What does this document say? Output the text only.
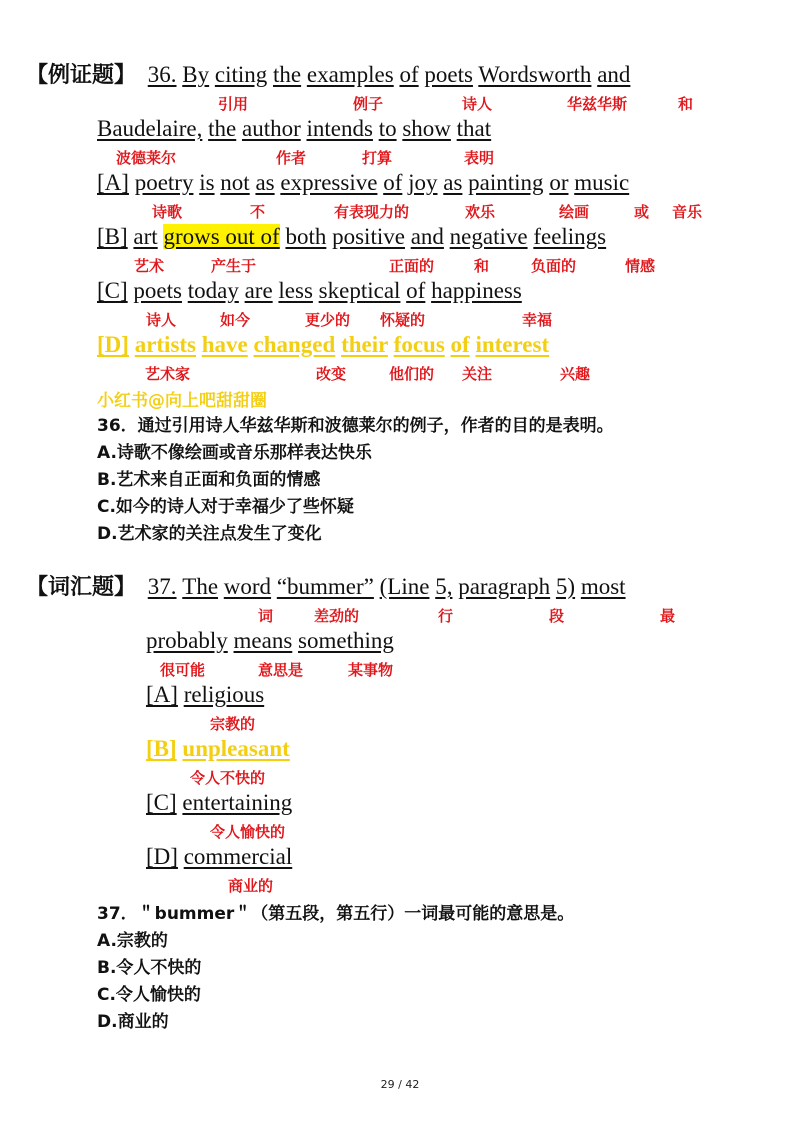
【例证题】 36. By citing the examples of poets Wordsworth and
引用	例子	诗人	华兹华斯	和
Baudelaire, the author intends to show that
波德莱尔	作者	打算	表明
[A] poetry is not as expressive of joy as painting or music
诗歌	不	有表现力的	欢乐	绘画	或 音乐
[B] art grows out of both positive and negative feelings
艺术	产生于	正面的	和	负面的	情感
[C] poets today are less skeptical of happiness
诗人	如今	更少的 怀疑的	幸福
[D] artists have changed their focus of interest
艺术家	改变	他们的 关注	兴趣
小红书@向上吧甜甜圈
36．通过引用诗人华兹华斯和波德莱尔的例子，作者的目的是表明。
A.诗歌不像绘画或音乐那样表达快乐
B.艺术来自正面和负面的情感
C.如今的诗人对于幸福少了些怀疑
D.艺术家的关注点发生了变化
【词汇题】 37. The word “bummer” (Line 5, paragraph 5) most
词	差劲的	行	段	最
probably means something
很可能	意思是	某事物
[A] religious
宗教的
[B] unpleasant
令人不快的
[C] entertaining
令人愉快的
[D] commercial
商业的
37．＂bummer＂（第五段，第五行）一词最可能的意思是。
A.宗教的
B.令人不快的
C.令人愉快的
D.商业的
29 / 42
